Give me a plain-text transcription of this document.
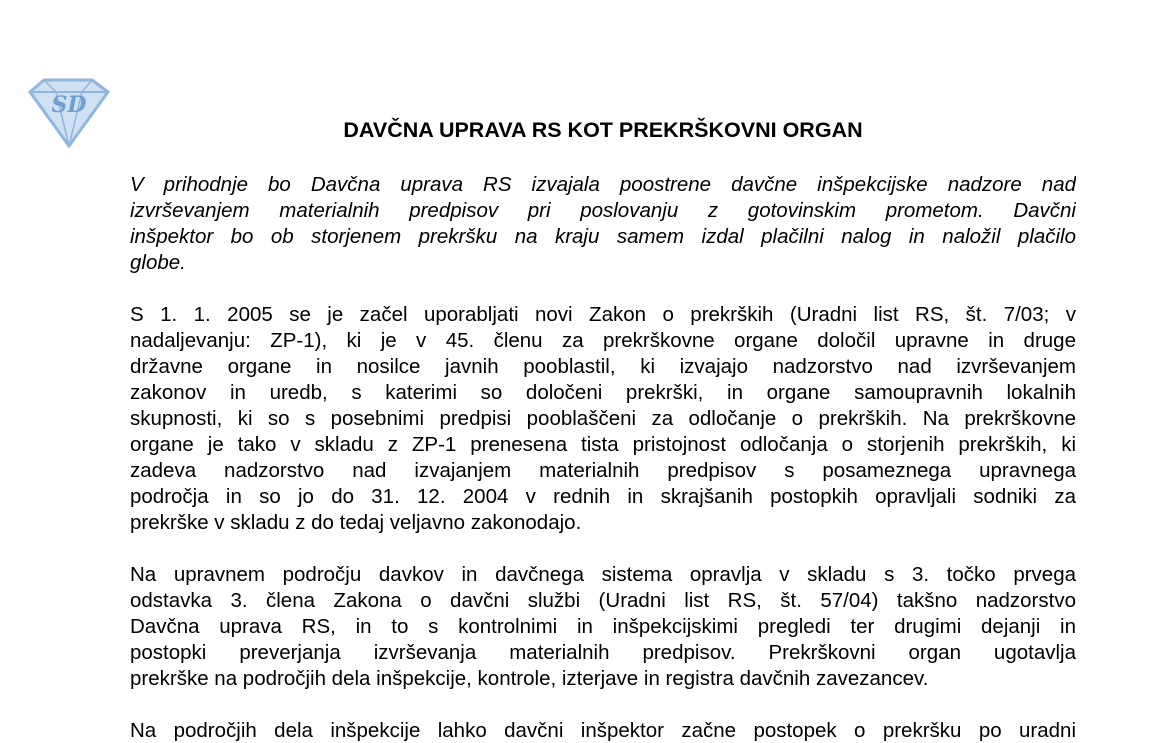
SD
DAVČNA UPRAVA RS KOT PREKRŠKOVNI ORGAN

V prihodnje bo Davčna uprava RS izvajala poostrene davčne inšpekcijske nadzore nad
izvrševanjem materialnih predpisov pri poslovanju z gotovinskim prometom. Davčni
inšpektor bo ob storjenem prekršku na kraju samem izdal plačilni nalog in naložil plačilo
globe.

S 1. 1. 2005 se je začel uporabljati novi Zakon o prekrških (Uradni list RS, št. 7/03; v
nadaljevanju: ZP-1), ki je v 45. členu za prekrškovne organe določil upravne in druge
državne organe in nosilce javnih pooblastil, ki izvajajo nadzorstvo nad izvrševanjem
zakonov in uredb, s katerimi so določeni prekrški, in organe samoupravnih lokalnih
skupnosti, ki so s posebnimi predpisi pooblaščeni za odločanje o prekrških. Na prekrškovne
organe je tako v skladu z ZP-1 prenesena tista pristojnost odločanja o storjenih prekrških, ki
zadeva nadzorstvo nad izvajanjem materialnih predpisov s posameznega upravnega
področja in so jo do 31. 12. 2004 v rednih in skrajšanih postopkih opravljali sodniki za
prekrške v skladu z do tedaj veljavno zakonodajo.

Na upravnem področju davkov in davčnega sistema opravlja v skladu s 3. točko prvega
odstavka 3. člena Zakona o davčni službi (Uradni list RS, št. 57/04) takšno nadzorstvo
Davčna uprava RS, in to s kontrolnimi in inšpekcijskimi pregledi ter drugimi dejanji in
postopki preverjanja izvrševanja materialnih predpisov. Prekrškovni organ ugotavlja
prekrške na področjih dela inšpekcije, kontrole, izterjave in registra davčnih zavezancev.

Na področjih dela inšpekcije lahko davčni inšpektor začne postopek o prekršku po uradni
